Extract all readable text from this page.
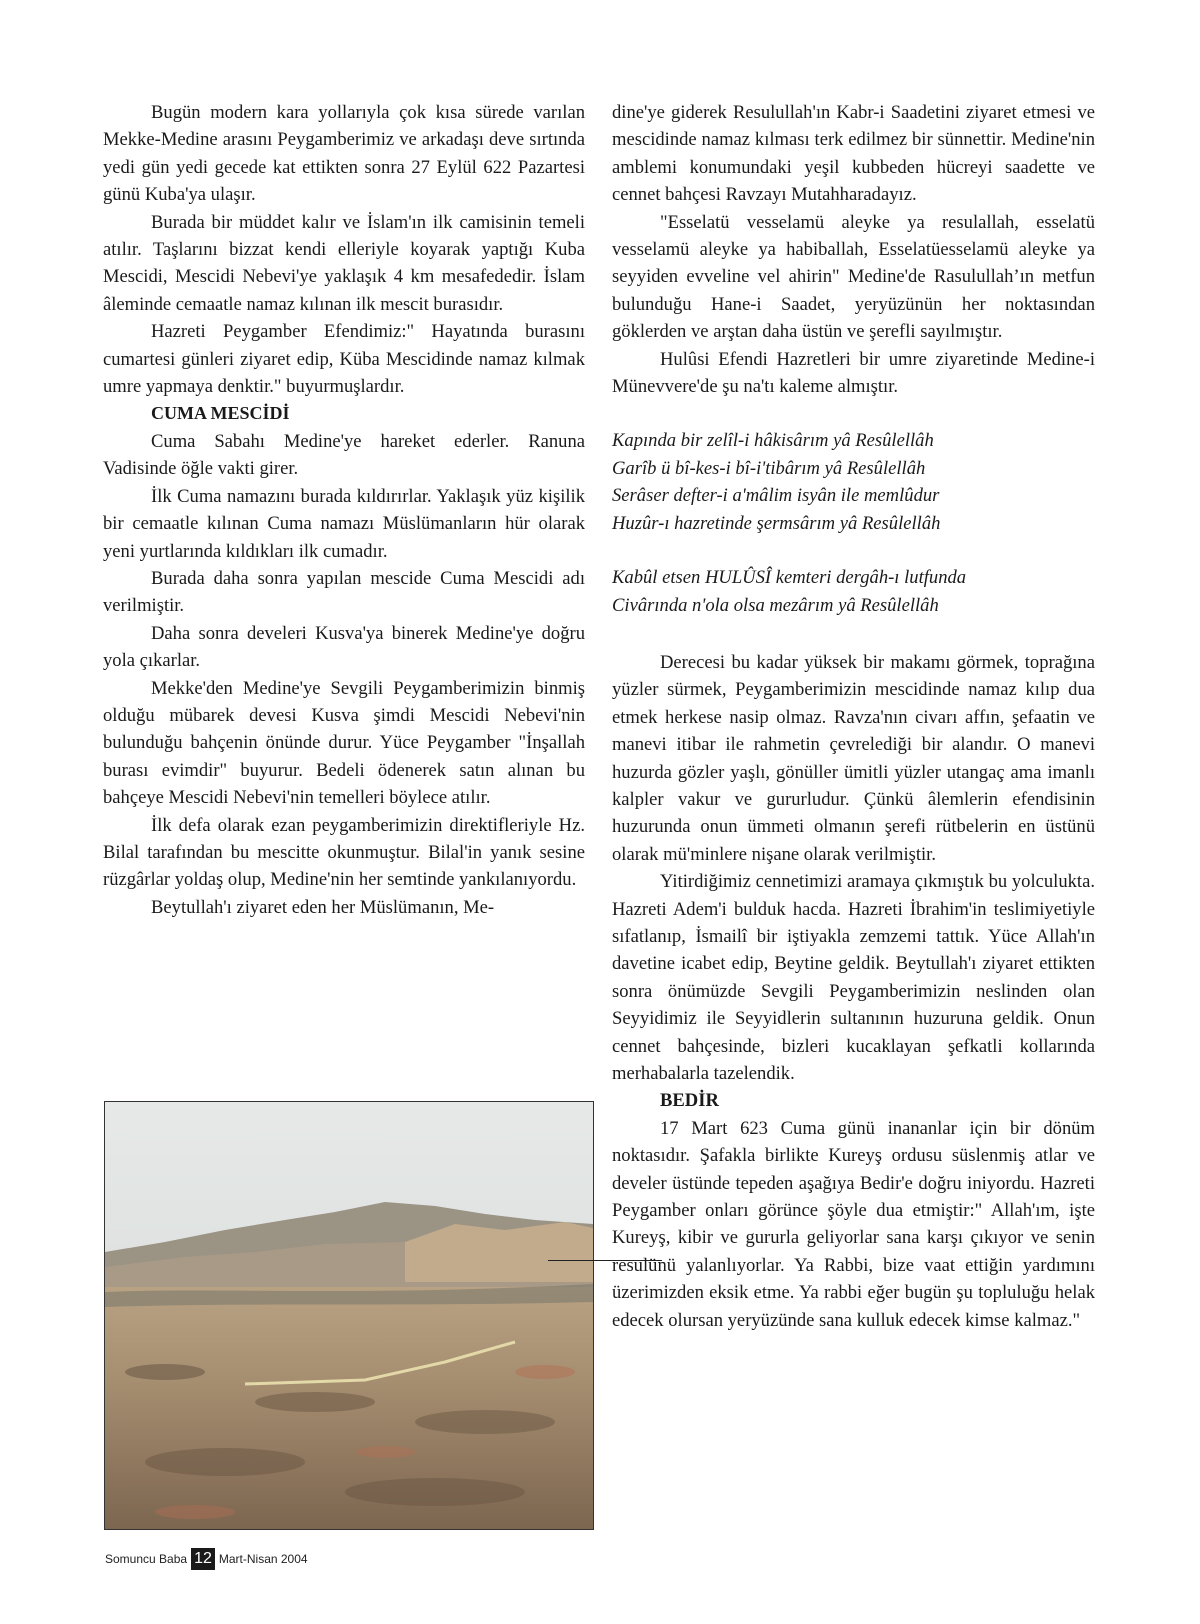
Bugün modern kara yollarıyla çok kısa sürede varılan Mekke-Medine arasını Peygamberimiz ve arkadaşı deve sırtında yedi gün yedi gecede kat ettikten sonra 27 Eylül 622 Pazartesi günü Kuba'ya ulaşır.

Burada bir müddet kalır ve İslam'ın ilk camisinin temeli atılır. Taşlarını bizzat kendi elleriyle koyarak yaptığı Kuba Mescidi, Mescidi Nebevi'ye yaklaşık 4 km mesafededir. İslam âleminde cemaatle namaz kılınan ilk mescit burasıdır.

Hazreti Peygamber Efendimiz:" Hayatında burasını cumartesi günleri ziyaret edip, Küba Mescidinde namaz kılmak umre yapmaya denktir." buyurmuşlardır.

CUMA MESCİDİ

Cuma Sabahı Medine'ye hareket ederler. Ranuna Vadisinde öğle vakti girer.

İlk Cuma namazını burada kıldırırlar. Yaklaşık yüz kişilik bir cemaatle kılınan Cuma namazı Müslümanların hür olarak yeni yurtlarında kıldıkları ilk cumadır.

Burada daha sonra yapılan mescide Cuma Mescidi adı verilmiştir.

Daha sonra develeri Kusva'ya binerek Medine'ye doğru yola çıkarlar.

Mekke'den Medine'ye Sevgili Peygamberimizin binmiş olduğu mübarek devesi Kusva şimdi Mescidi Nebevi'nin bulunduğu bahçenin önünde durur. Yüce Peygamber "İnşallah burası evimdir" buyurur. Bedeli ödenerek satın alınan bu bahçeye Mescidi Nebevi'nin temelleri böylece atılır.

İlk defa olarak ezan peygamberimizin direktifleriyle Hz. Bilal tarafından bu mescitte okunmuştur. Bilal'in yanık sesine rüzgârlar yoldaş olup, Medine'nin her semtinde yankılanıyordu.

Beytullah'ı ziyaret eden her Müslümanın, Me-

dine'ye giderek Resulullah'ın Kabr-i Saadetini ziyaret etmesi ve mescidinde namaz kılması terk edilmez bir sünnettir. Medine'nin amblemi konumundaki yeşil kubbeden hücreyi saadette ve cennet bahçesi Ravzayı Mutahharadayız.

"Esselatü vesselamü aleyke ya resulallah, esselatü vesselamü aleyke ya habiballah, Esselatüesselamü aleyke ya seyyiden evveline vel ahirin" Medine'de Rasulullah’ın metfun bulunduğu Hane-i Saadet, yeryüzünün her noktasından göklerden ve arştan daha üstün ve şerefli sayılmıştır.

Hulûsi Efendi Hazretleri bir umre ziyaretinde Medine-i Münevvere'de şu na'tı kaleme almıştır.

Kapında bir zelîl-i hâkisârım yâ Resûlellâh
Garîb ü bî-kes-i bî-i'tibârım yâ Resûlellâh
Serâser defter-i a'mâlim isyân ile memlûdur
Huzûr-ı hazretinde şermsârım yâ Resûlellâh
Kabûl etsen HULÛSÎ kemteri dergâh-ı lutfunda
Civârında n'ola olsa mezârım yâ Resûlellâh

Derecesi bu kadar yüksek bir makamı görmek, toprağına yüzler sürmek, Peygamberimizin mescidinde namaz kılıp dua etmek herkese nasip olmaz. Ravza'nın civarı affın, şefaatin ve manevi itibar ile rahmetin çevrelediği bir alandır. O manevi huzurda gözler yaşlı, gönüller ümitli yüzler utangaç ama imanlı kalpler vakur ve gururludur. Çünkü âlemlerin efendisinin huzurunda onun ümmeti olmanın şerefi rütbelerin en üstünü olarak mü'minlere nişane olarak verilmiştir.

Yitirdiğimiz cennetimizi aramaya çıkmıştık bu yolculukta. Hazreti Adem'i bulduk hacda. Hazreti İbrahim'in teslimiyetiyle sıfatlanıp, İsmailî bir iştiyakla zemzemi tattık. Yüce Allah'ın davetine icabet edip, Beytine geldik. Beytullah'ı ziyaret ettikten sonra önümüzde Sevgili Peygamberimizin neslinden olan Seyyidimiz ile Seyyidlerin sultanının huzuruna geldik. Onun cennet bahçesinde, bizleri kucaklayan şefkatli kollarında merhabalarla tazelendik.

BEDİR

17 Mart 623 Cuma günü inananlar için bir dönüm noktasıdır. Şafakla birlikte Kureyş ordusu süslenmiş atlar ve develer üstünde tepeden aşağıya Bedir'e doğru iniyordu. Hazreti Peygamber onları görünce şöyle dua etmiştir:" Allah'ım, işte Kureyş, kibir ve gururla geliyorlar sana karşı çıkıyor ve senin resulünü yalanlıyorlar. Ya Rabbi, bize vaat ettiğin yardımını üzerimizden eksik etme. Ya rabbi eğer bugün şu topluluğu helak edecek olursan yeryüzünde sana kulluk edecek kimse kalmaz."

Somuncu Baba 12 Mart-Nisan 2004
